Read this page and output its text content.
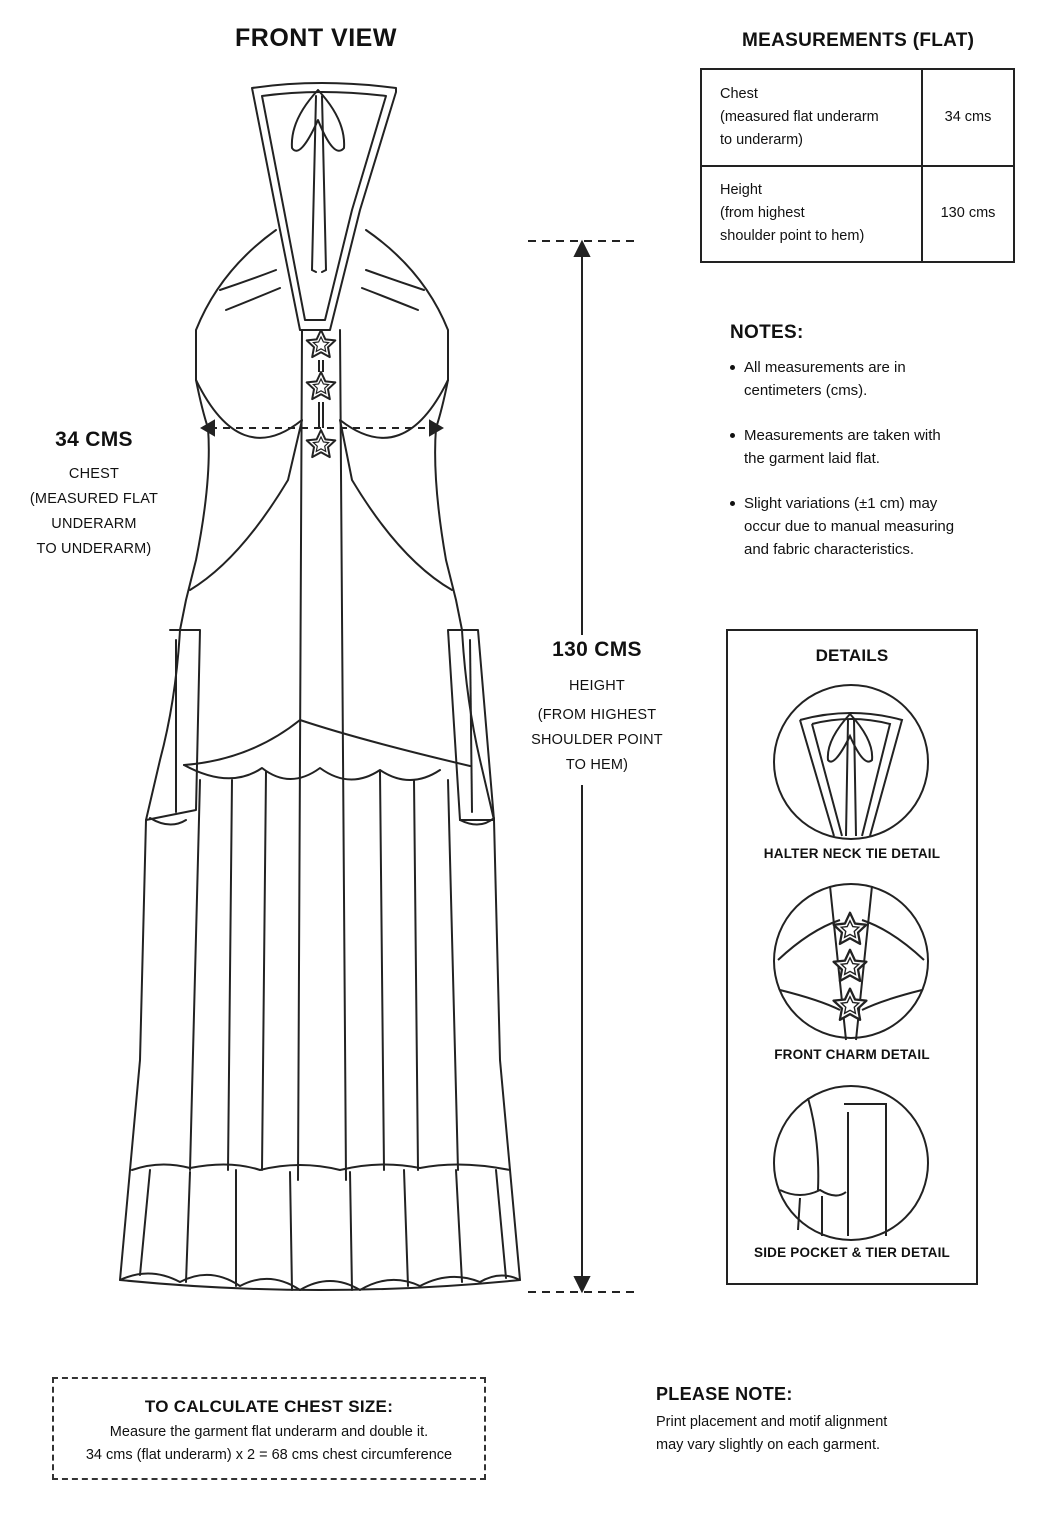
FRONT VIEW
34 CMS
CHEST
(MEASURED FLAT
UNDERARM
TO UNDERARM)
130 CMS
HEIGHT
(FROM HIGHEST
SHOULDER POINT
TO HEM)
MEASUREMENTS (FLAT)
Chest
(measured flat underarm
to underarm)	34 cms

Height
(from highest
shoulder point to hem)	130 cms
NOTES:
All measurements are in
centimeters (cms).
Measurements are taken with
the garment laid flat.
Slight variations (±1 cm) may
occur due to manual measuring
and fabric characteristics.
DETAILS
HALTER NECK TIE DETAIL
FRONT CHARM DETAIL
SIDE POCKET & TIER DETAIL
TO CALCULATE CHEST SIZE:
Measure the garment flat underarm and double it.
34 cms (flat underarm) x 2 = 68 cms chest circumference
PLEASE NOTE:
Print placement and motif alignment
may vary slightly on each garment.
